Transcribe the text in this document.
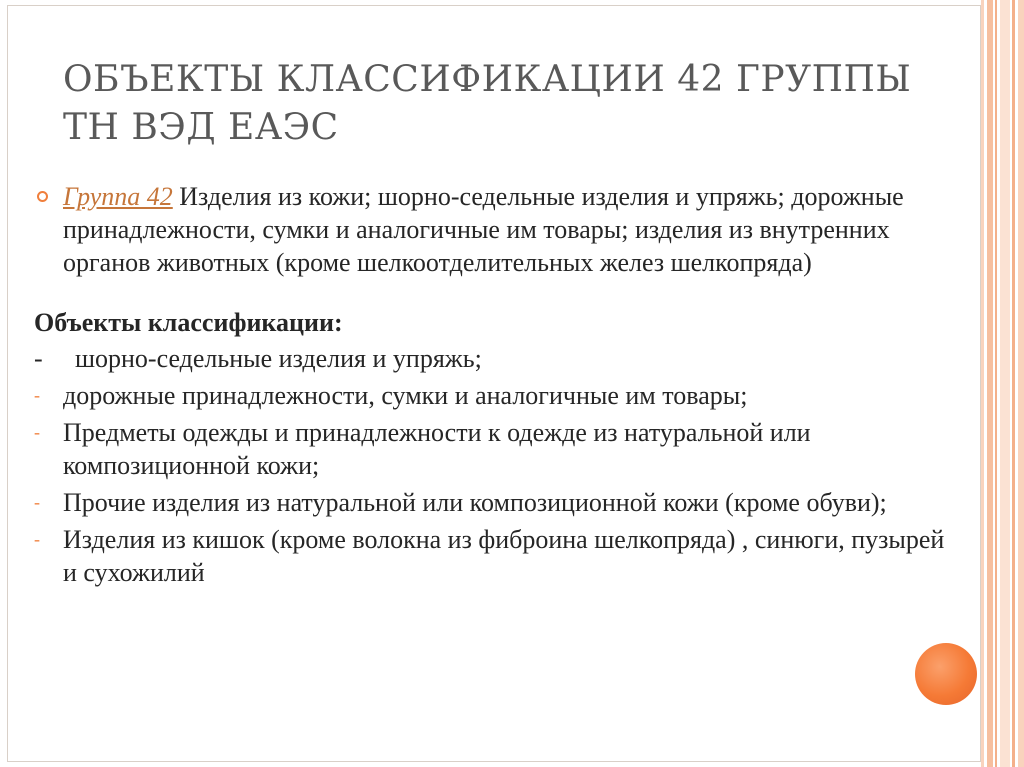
ОБЪЕКТЫ КЛАССИФИКАЦИИ 42 ГРУППЫ
ТН ВЭД ЕАЭС
Группа 42 Изделия из кожи; шорно-седельные изделия и упряжь; дорожные принадлежности, сумки и аналогичные им товары; изделия из внутренних органов животных (кроме шелкоотделительных желез шелкопряда)
Объекты классификации:
-	шорно-седельные изделия и упряжь;
- дорожные принадлежности, сумки и аналогичные им товары;
- Предметы одежды и принадлежности к одежде из натуральной или композиционной кожи;
- Прочие изделия из натуральной или композиционной кожи (кроме обуви);
- Изделия из кишок (кроме волокна из фиброина шелкопряда) , синюги, пузырей и сухожилий
